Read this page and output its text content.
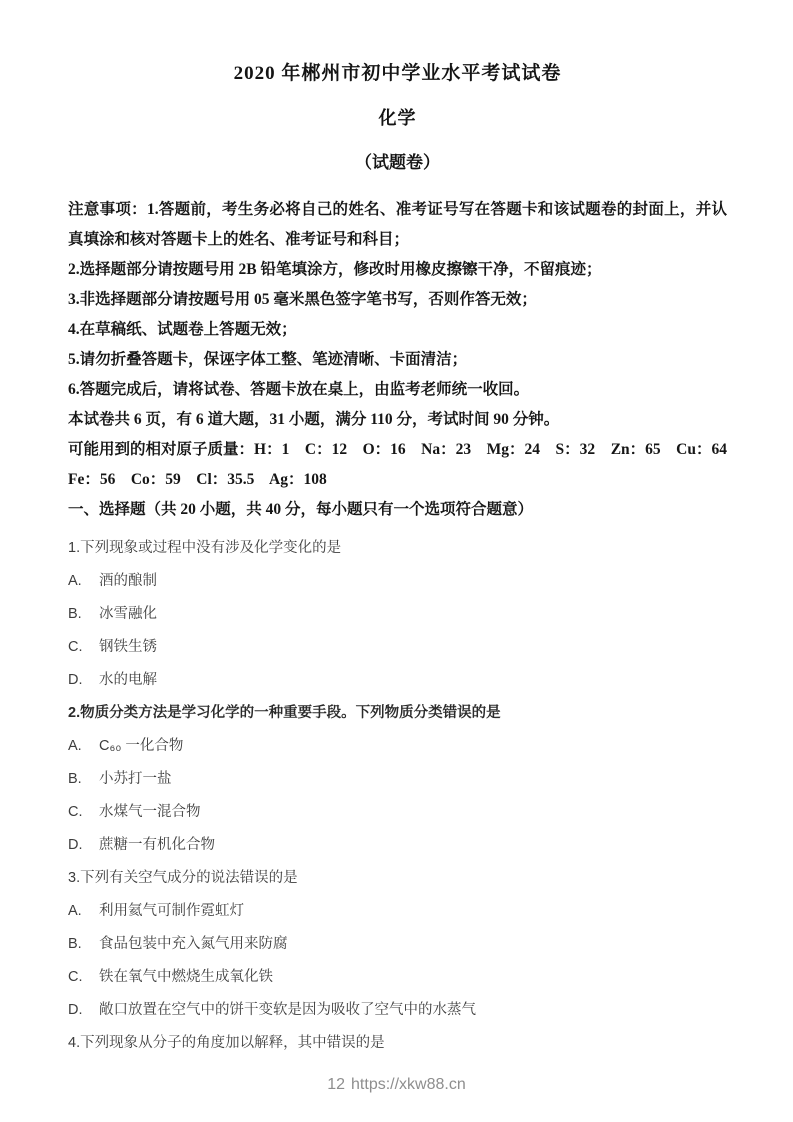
2020 年郴州市初中学业水平考试试卷
化学
（试题卷）

注意事项：1.答题前，考生务必将自己的姓名、准考证号写在答题卡和该试题卷的封面上，并认真填涂和核对答题卡上的姓名、准考证号和科目；

2.选择题部分请按题号用 2B 铅笔填涂方，修改时用橡皮擦镲干净，不留痕迹；

3.非选择题部分请按题号用 05 毫米黑色签字笔书写，否则作答无效；

4.在草稿纸、试题卷上答题无效；

5.请勿折叠答题卡，保诬字体工整、笔迹清晰、卡面清洁；

6.答题完成后，请将试卷、答题卡放在桌上，由监考老师统一收回。

本试卷共 6 页，有 6 道大题，31 小题，满分 110 分，考试时间 90 分钟。

可能用到的相对原子质量：H：1    C：12    O：16    Na：23    Mg：24    S：32    Zn：65    Cu：64    Fe：56    Co：59    Cl：35.5    Ag：108

一、选择题（共 20 小题，共 40 分，每小题只有一个选项符合题意）

1.下列现象或过程中没有涉及化学变化的是
A. 酒的酿制
B. 冰雪融化
C. 钢铁生锈
D. 水的电解
2.物质分类方法是学习化学的一种重要手段。下列物质分类错误的是
A. C₆₀ 一化合物
B. 小苏打一盐
C. 水煤气一混合物
D. 蔗糖一有机化合物
3.下列有关空气成分的说法错误的是
A. 利用氦气可制作霓虹灯
B. 食品包装中充入氮气用来防腐
C. 铁在氧气中燃烧生成氧化铁
D. 敞口放置在空气中的饼干变软是因为吸收了空气中的水蒸气
4.下列现象从分子的角度加以解释，其中错误的是
12 https://xkw88.cn
